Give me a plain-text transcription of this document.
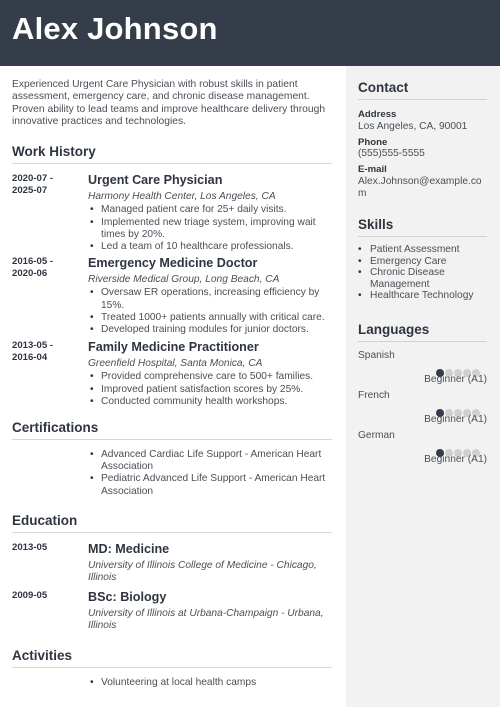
Alex Johnson

Experienced Urgent Care Physician with robust skills in patient assessment, emergency care, and chronic disease management. Proven ability to lead teams and improve healthcare delivery through innovative practices and technologies.

Work History
2020-07 -
2025-07
Urgent Care Physician
Harmony Health Center, Los Angeles, CA
• Managed patient care for 25+ daily visits.
• Implemented new triage system, improving wait times by 20%.
• Led a team of 10 healthcare professionals.
2016-05 -
2020-06
Emergency Medicine Doctor
Riverside Medical Group, Long Beach, CA
• Oversaw ER operations, increasing efficiency by 15%.
• Treated 1000+ patients annually with critical care.
• Developed training modules for junior doctors.
2013-05 -
2016-04
Family Medicine Practitioner
Greenfield Hospital, Santa Monica, CA
• Provided comprehensive care to 500+ families.
• Improved patient satisfaction scores by 25%.
• Conducted community health workshops.
Certifications
• Advanced Cardiac Life Support - American Heart Association
• Pediatric Advanced Life Support - American Heart Association
Education
2013-05	MD: Medicine
University of Illinois College of Medicine - Chicago, Illinois
2009-05	BSc: Biology
University of Illinois at Urbana-Champaign - Urbana, Illinois
Activities
• Volunteering at local health camps
Contact
Address
Los Angeles, CA, 90001
Phone
(555)555-5555
E-mail
Alex.Johnson@example.com
Skills
• Patient Assessment
• Emergency Care
• Chronic Disease Management
• Healthcare Technology
Languages
Spanish
Beginner (A1)
French
Beginner (A1)
German
Beginner (A1)
